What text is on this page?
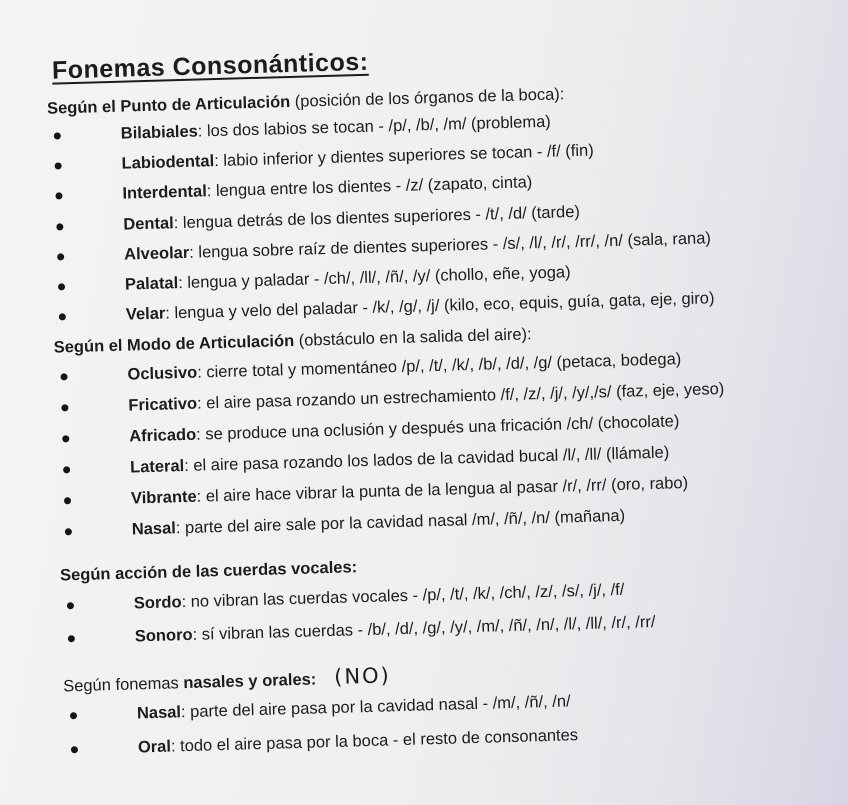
Fonemas Consonánticos:
Según el Punto de Articulación (posición de los órganos de la boca):
Bilabiales: los dos labios se tocan - /p/, /b/, /m/ (problema)
Labiodental: labio inferior y dientes superiores se tocan - /f/ (fin)
Interdental: lengua entre los dientes - /z/ (zapato, cinta)
Dental: lengua detrás de los dientes superiores - /t/, /d/ (tarde)
Alveolar: lengua sobre raíz de dientes superiores - /s/, /l/, /r/, /rr/, /n/ (sala, rana)
Palatal: lengua y paladar - /ch/, /ll/, /ñ/, /y/ (chollo, eñe, yoga)
Velar: lengua y velo del paladar - /k/, /g/, /j/ (kilo, eco, equis, guía, gata, eje, giro)
Según el Modo de Articulación (obstáculo en la salida del aire):
Oclusivo: cierre total y momentáneo /p/, /t/, /k/, /b/, /d/, /g/ (petaca, bodega)
Fricativo: el aire pasa rozando un estrechamiento /f/, /z/, /j/, /y/,/s/ (faz, eje, yeso)
Africado: se produce una oclusión y después una fricación /ch/ (chocolate)
Lateral: el aire pasa rozando los lados de la cavidad bucal /l/, /ll/ (llámale)
Vibrante: el aire hace vibrar la punta de la lengua al pasar /r/, /rr/ (oro, rabo)
Nasal: parte del aire sale por la cavidad nasal /m/, /ñ/, /n/ (mañana)
Según acción de las cuerdas vocales:
Sordo: no vibran las cuerdas vocales - /p/, /t/, /k/, /ch/, /z/, /s/, /j/, /f/
Sonoro: sí vibran las cuerdas - /b/, /d/, /g/, /y/, /m/, /ñ/, /n/, /l/, /ll/, /r/, /rr/
Según fonemas nasales y orales: (NO)
Nasal: parte del aire pasa por la cavidad nasal - /m/, /ñ/, /n/
Oral: todo el aire pasa por la boca - el resto de consonantes
